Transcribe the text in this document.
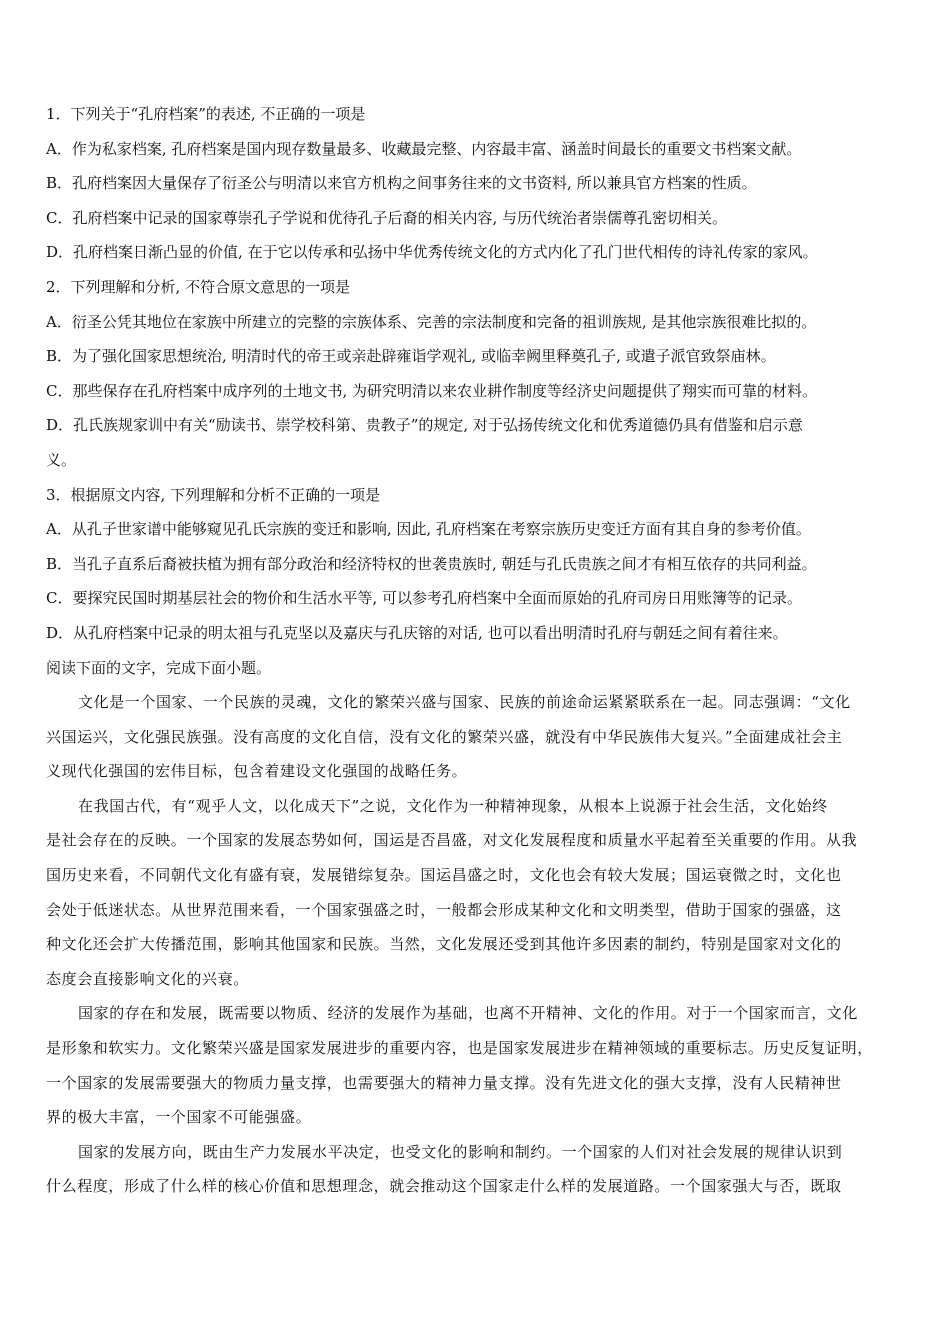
1．下列关于“孔府档案”的表述, 不正确的一项是
A．作为私家档案, 孔府档案是国内现存数量最多、收藏最完整、内容最丰富、涵盖时间最长的重要文书档案文献。
B．孔府档案因大量保存了衍圣公与明清以来官方机构之间事务往来的文书资料, 所以兼具官方档案的性质。
C．孔府档案中记录的国家尊崇孔子学说和优待孔子后裔的相关内容, 与历代统治者崇儒尊孔密切相关。
D．孔府档案日渐凸显的价值, 在于它以传承和弘扬中华优秀传统文化的方式内化了孔门世代相传的诗礼传家的家风。
2．下列理解和分析, 不符合原文意思的一项是
A．衍圣公凭其地位在家族中所建立的完整的宗族体系、完善的宗法制度和完备的祖训族规, 是其他宗族很难比拟的。
B．为了强化国家思想统治, 明清时代的帝王或亲赴辟雍诣学观礼, 或临幸阙里释奠孔子, 或遣子派官致祭庙林。
C．那些保存在孔府档案中成序列的土地文书, 为研究明清以来农业耕作制度等经济史问题提供了翔实而可靠的材料。
D．孔氏族规家训中有关“励读书、崇学校科第、贵教子”的规定, 对于弘扬传统文化和优秀道德仍具有借鉴和启示意
义。
3．根据原文内容, 下列理解和分析不正确的一项是
A．从孔子世家谱中能够窥见孔氏宗族的变迁和影响, 因此, 孔府档案在考察宗族历史变迁方面有其自身的参考价值。
B．当孔子直系后裔被扶植为拥有部分政治和经济特权的世袭贵族时, 朝廷与孔氏贵族之间才有相互依存的共同利益。
C．要探究民国时期基层社会的物价和生活水平等, 可以参考孔府档案中全面而原始的孔府司房日用账簿等的记录。
D．从孔府档案中记录的明太祖与孔克坚以及嘉庆与孔庆镕的对话, 也可以看出明清时孔府与朝廷之间有着往来。
阅读下面的文字，完成下面小题。
文化是一个国家、一个民族的灵魂，文化的繁荣兴盛与国家、民族的前途命运紧紧联系在一起。同志强调：“文化
兴国运兴，文化强民族强。没有高度的文化自信，没有文化的繁荣兴盛，就没有中华民族伟大复兴。”全面建成社会主
义现代化强国的宏伟目标，包含着建设文化强国的战略任务。
在我国古代，有“观乎人文，以化成天下”之说，文化作为一种精神现象，从根本上说源于社会生活，文化始终
是社会存在的反映。一个国家的发展态势如何，国运是否昌盛，对文化发展程度和质量水平起着至关重要的作用。从我
国历史来看，不同朝代文化有盛有衰，发展错综复杂。国运昌盛之时，文化也会有较大发展；国运衰微之时，文化也
会处于低迷状态。从世界范围来看，一个国家强盛之时，一般都会形成某种文化和文明类型，借助于国家的强盛，这
种文化还会扩大传播范围，影响其他国家和民族。当然，文化发展还受到其他许多因素的制约，特别是国家对文化的
态度会直接影响文化的兴衰。
国家的存在和发展，既需要以物质、经济的发展作为基础，也离不开精神、文化的作用。对于一个国家而言，文化
是形象和软实力。文化繁荣兴盛是国家发展进步的重要内容，也是国家发展进步在精神领域的重要标志。历史反复证明，
一个国家的发展需要强大的物质力量支撑，也需要强大的精神力量支撑。没有先进文化的强大支撑，没有人民精神世
界的极大丰富，一个国家不可能强盛。
国家的发展方向，既由生产力发展水平决定，也受文化的影响和制约。一个国家的人们对社会发展的规律认识到
什么程度，形成了什么样的核心价值和思想理念，就会推动这个国家走什么样的发展道路。一个国家强大与否，既取
